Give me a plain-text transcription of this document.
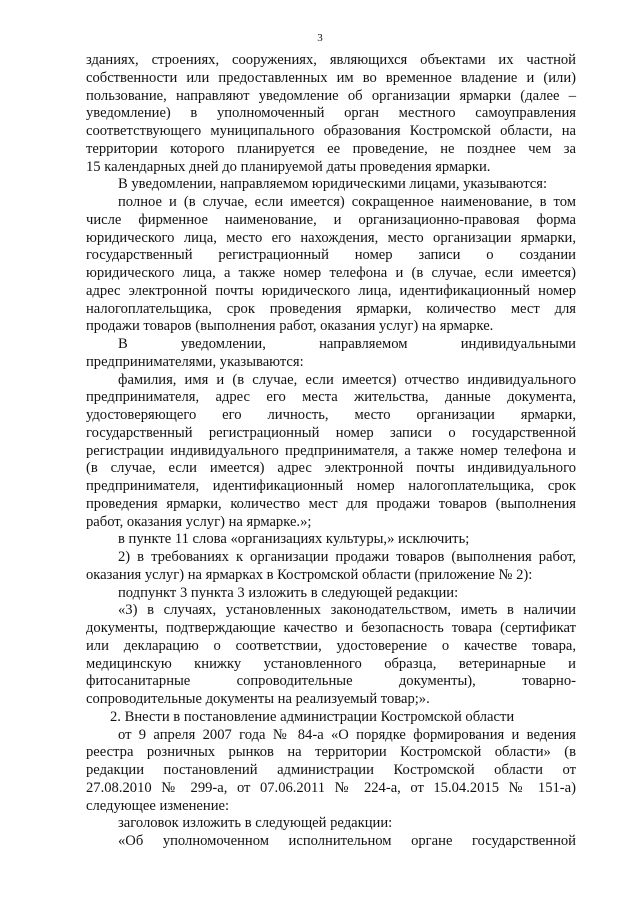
3
зданиях, строениях, сооружениях, являющихся объектами их частной
собственности или предоставленных им во временное владение и (или)
пользование, направляют уведомление об организации ярмарки (далее –
уведомление) в уполномоченный орган местного самоуправления
соответствующего муниципального образования Костромской области, на
территории которого планируется ее проведение, не позднее чем за
15 календарных дней до планируемой даты проведения ярмарки.
В уведомлении, направляемом юридическими лицами, указываются:
полное и (в случае, если имеется) сокращенное наименование, в том
числе фирменное наименование, и организационно-правовая форма
юридического лица, место его нахождения, место организации ярмарки,
государственный регистрационный номер записи о создании
юридического лица, а также номер телефона и (в случае, если имеется)
адрес электронной почты юридического лица, идентификационный номер
налогоплательщика, срок проведения ярмарки, количество мест для
продажи товаров (выполнения работ, оказания услуг) на ярмарке.
В уведомлении, направляемом индивидуальными
предпринимателями, указываются:
фамилия, имя и (в случае, если имеется) отчество индивидуального
предпринимателя, адрес его места жительства, данные документа,
удостоверяющего его личность, место организации ярмарки,
государственный регистрационный номер записи о государственной
регистрации индивидуального предпринимателя, а также номер телефона и
(в случае, если имеется) адрес электронной почты индивидуального
предпринимателя, идентификационный номер налогоплательщика, срок
проведения ярмарки, количество мест для продажи товаров (выполнения
работ, оказания услуг) на ярмарке.»;
в пункте 11 слова «организациях культуры,» исключить;
2) в требованиях к организации продажи товаров (выполнения работ,
оказания услуг) на ярмарках в Костромской области (приложение № 2):
подпункт 3 пункта 3 изложить в следующей редакции:
«3) в случаях, установленных законодательством, иметь в наличии
документы, подтверждающие качество и безопасность товара (сертификат
или декларацию о соответствии, удостоверение о качестве товара,
медицинскую книжку установленного образца, ветеринарные и
фитосанитарные сопроводительные документы), товарно-
сопроводительные документы на реализуемый товар;».
2. Внести в постановление администрации Костромской области
от 9 апреля 2007 года № 84-а «О порядке формирования и ведения
реестра розничных рынков на территории Костромской области» (в
редакции постановлений администрации Костромской области от
27.08.2010 № 299-а, от 07.06.2011 № 224-а, от 15.04.2015 № 151-а)
следующее изменение:
заголовок изложить в следующей редакции:
«Об уполномоченном исполнительном органе государственной
